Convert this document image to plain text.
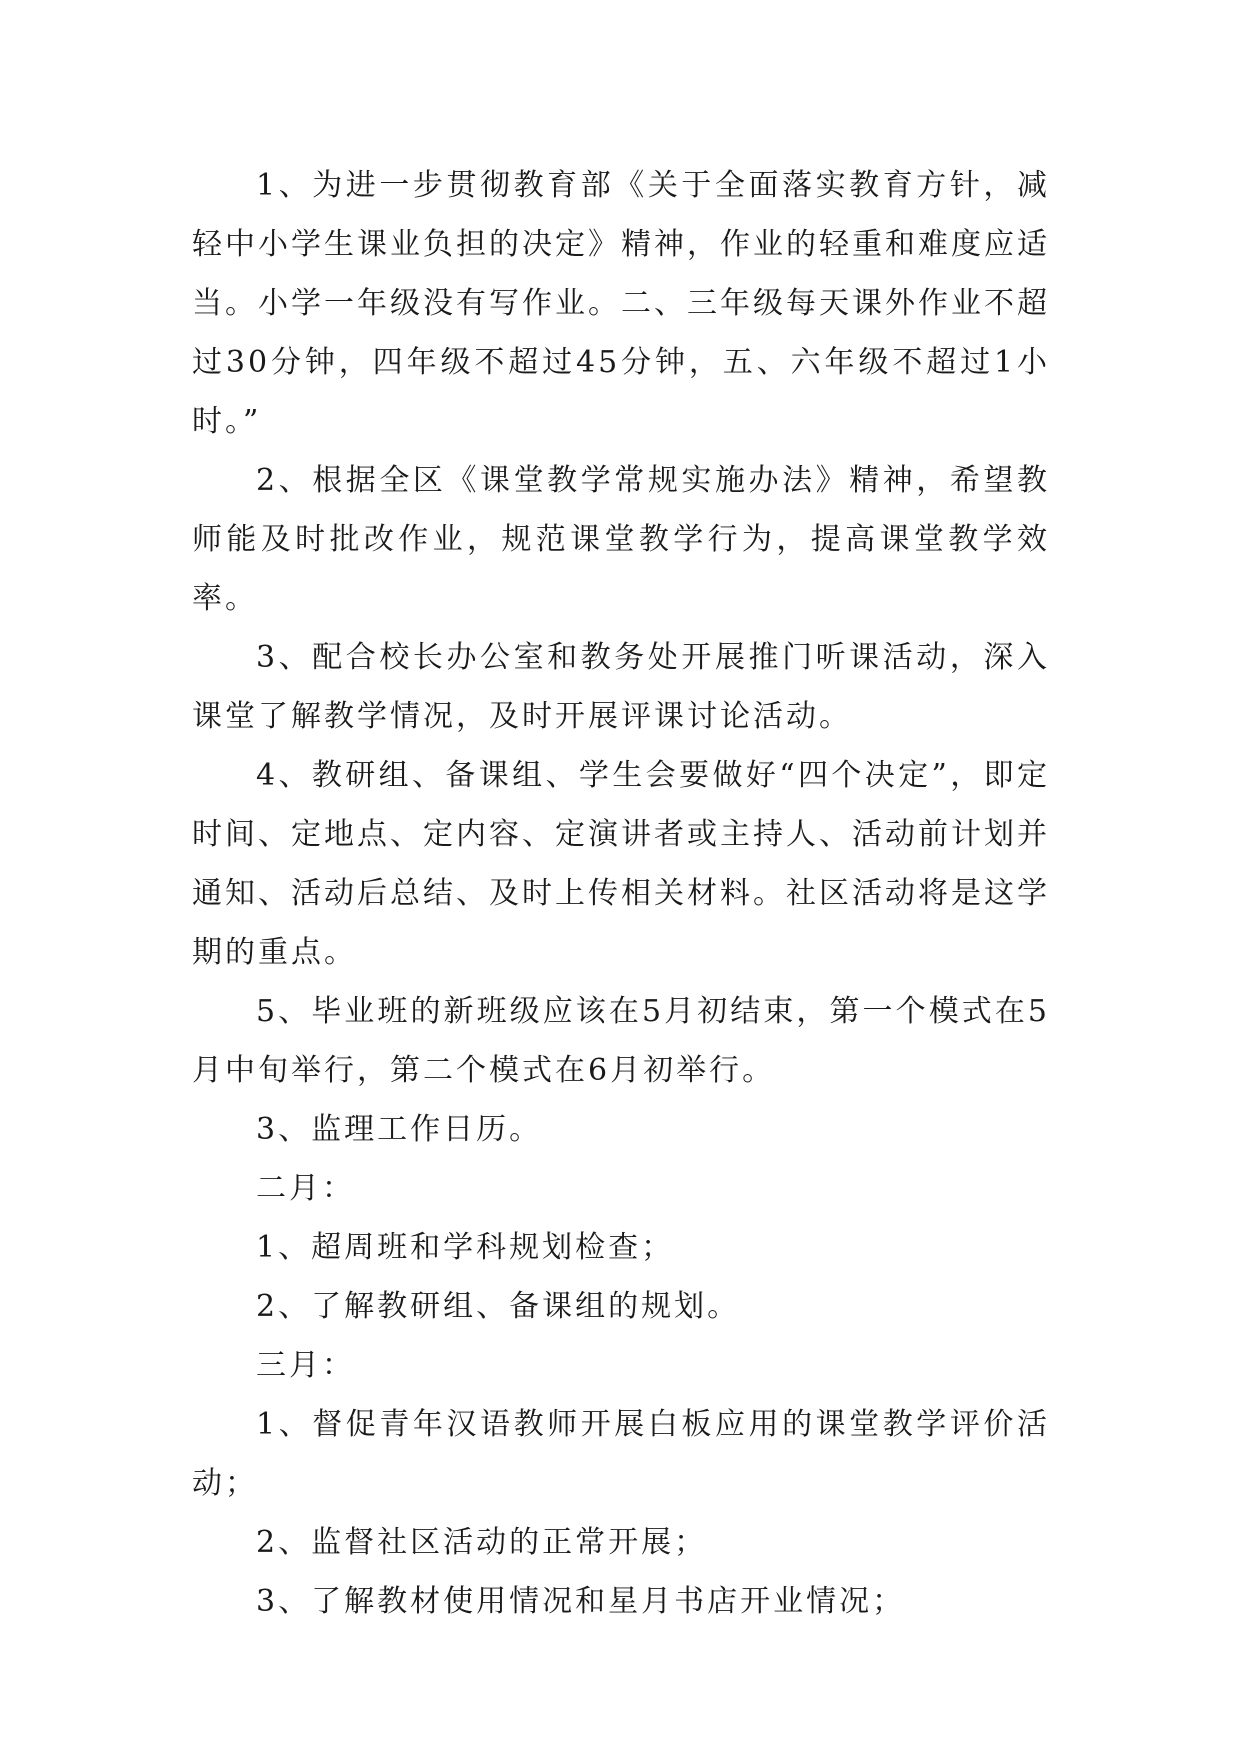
1、为进一步贯彻教育部《关于全面落实教育方针，减轻中小学生课业负担的决定》精神，作业的轻重和难度应适当。小学一年级没有写作业。二、三年级每天课外作业不超过30分钟，四年级不超过45分钟，五、六年级不超过1小时。”

2、根据全区《课堂教学常规实施办法》精神，希望教师能及时批改作业，规范课堂教学行为，提高课堂教学效率。

3、配合校长办公室和教务处开展推门听课活动，深入课堂了解教学情况，及时开展评课讨论活动。

4、教研组、备课组、学生会要做好“四个决定”，即定时间、定地点、定内容、定演讲者或主持人、活动前计划并通知、活动后总结、及时上传相关材料。社区活动将是这学期的重点。

5、毕业班的新班级应该在5月初结束，第一个模式在5月中旬举行，第二个模式在6月初举行。

3、监理工作日历。

二月：

1、超周班和学科规划检查；

2、了解教研组、备课组的规划。

三月：

1、督促青年汉语教师开展白板应用的课堂教学评价活动；

2、监督社区活动的正常开展；

3、了解教材使用情况和星月书店开业情况；
